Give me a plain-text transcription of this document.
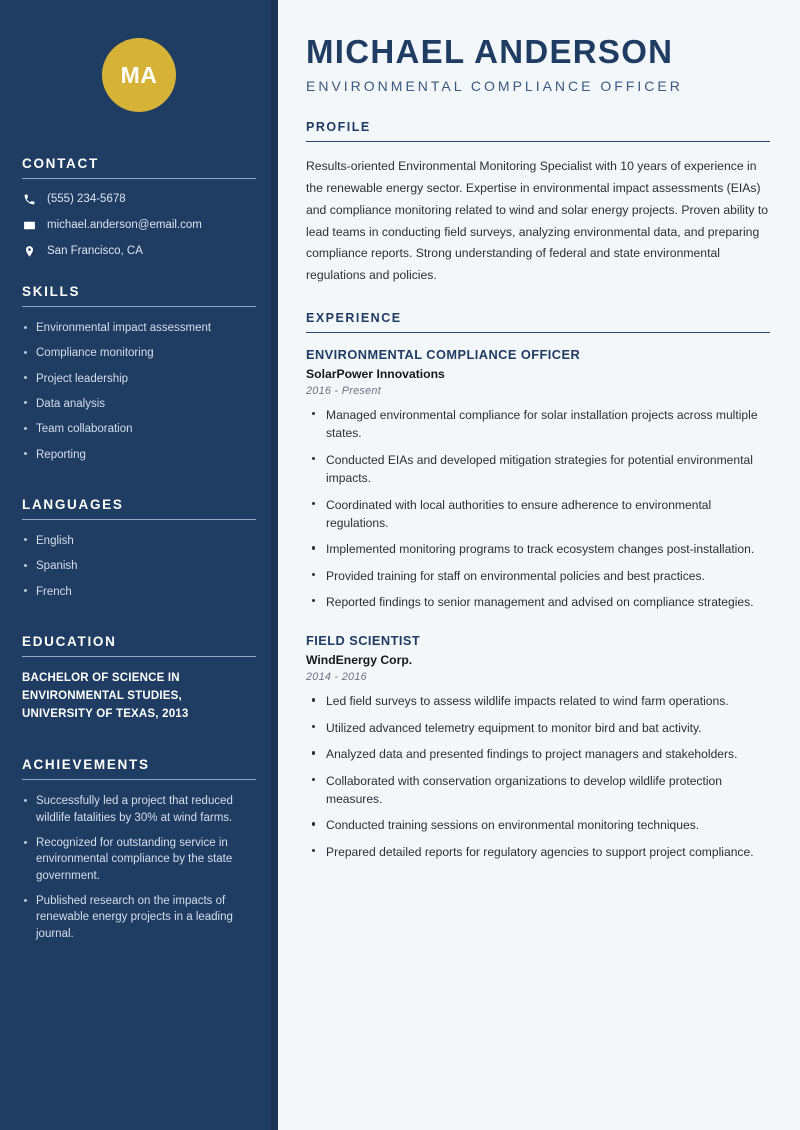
MA
CONTACT
(555) 234-5678
michael.anderson@email.com
San Francisco, CA
SKILLS
Environmental impact assessment
Compliance monitoring
Project leadership
Data analysis
Team collaboration
Reporting
LANGUAGES
English
Spanish
French
EDUCATION
BACHELOR OF SCIENCE IN ENVIRONMENTAL STUDIES, UNIVERSITY OF TEXAS, 2013
ACHIEVEMENTS
Successfully led a project that reduced wildlife fatalities by 30% at wind farms.
Recognized for outstanding service in environmental compliance by the state government.
Published research on the impacts of renewable energy projects in a leading journal.
MICHAEL ANDERSON
ENVIRONMENTAL COMPLIANCE OFFICER
PROFILE

Results-oriented Environmental Monitoring Specialist with 10 years of experience in the renewable energy sector. Expertise in environmental impact assessments (EIAs) and compliance monitoring related to wind and solar energy projects. Proven ability to lead teams in conducting field surveys, analyzing environmental data, and preparing compliance reports. Strong understanding of federal and state environmental regulations and policies.

EXPERIENCE
ENVIRONMENTAL COMPLIANCE OFFICER
SolarPower Innovations
2016 - Present
Managed environmental compliance for solar installation projects across multiple states.
Conducted EIAs and developed mitigation strategies for potential environmental impacts.
Coordinated with local authorities to ensure adherence to environmental regulations.
Implemented monitoring programs to track ecosystem changes post-installation.
Provided training for staff on environmental policies and best practices.
Reported findings to senior management and advised on compliance strategies.
FIELD SCIENTIST
WindEnergy Corp.
2014 - 2016
Led field surveys to assess wildlife impacts related to wind farm operations.
Utilized advanced telemetry equipment to monitor bird and bat activity.
Analyzed data and presented findings to project managers and stakeholders.
Collaborated with conservation organizations to develop wildlife protection measures.
Conducted training sessions on environmental monitoring techniques.
Prepared detailed reports for regulatory agencies to support project compliance.
